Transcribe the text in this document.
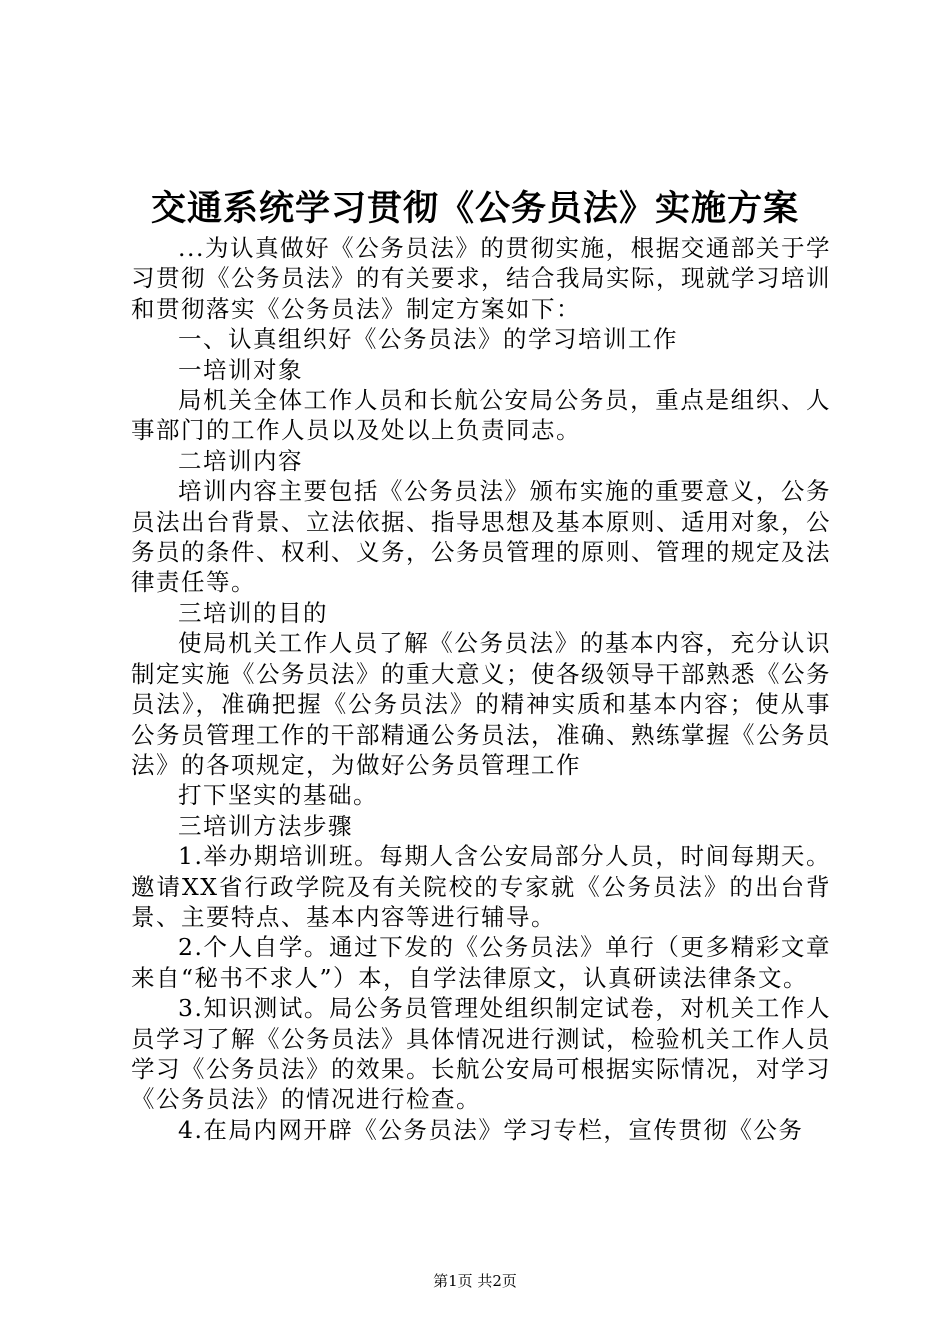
交通系统学习贯彻《公务员法》实施方案

...为认真做好《公务员法》的贯彻实施，根据交通部关于学习贯彻《公务员法》的有关要求，结合我局实际，现就学习培训和贯彻落实《公务员法》制定方案如下：

一、认真组织好《公务员法》的学习培训工作

一培训对象

局机关全体工作人员和长航公安局公务员，重点是组织、人事部门的工作人员以及处以上负责同志。

二培训内容

培训内容主要包括《公务员法》颁布实施的重要意义，公务员法出台背景、立法依据、指导思想及基本原则、适用对象，公务员的条件、权利、义务，公务员管理的原则、管理的规定及法律责任等。

三培训的目的

使局机关工作人员了解《公务员法》的基本内容，充分认识制定实施《公务员法》的重大意义；使各级领导干部熟悉《公务员法》，准确把握《公务员法》的精神实质和基本内容；使从事公务员管理工作的干部精通公务员法，准确、熟练掌握《公务员法》的各项规定，为做好公务员管理工作

打下坚实的基础。

三培训方法步骤

1.举办期培训班。每期人含公安局部分人员，时间每期天。邀请XX省行政学院及有关院校的专家就《公务员法》的出台背景、主要特点、基本内容等进行辅导。

2.个人自学。通过下发的《公务员法》单行（更多精彩文章来自“秘书不求人”）本，自学法律原文，认真研读法律条文。

3.知识测试。局公务员管理处组织制定试卷，对机关工作人员学习了解《公务员法》具体情况进行测试，检验机关工作人员学习《公务员法》的效果。长航公安局可根据实际情况，对学习《公务员法》的情况进行检查。

4.在局内网开辟《公务员法》学习专栏，宣传贯彻《公务

第1页 共2页
